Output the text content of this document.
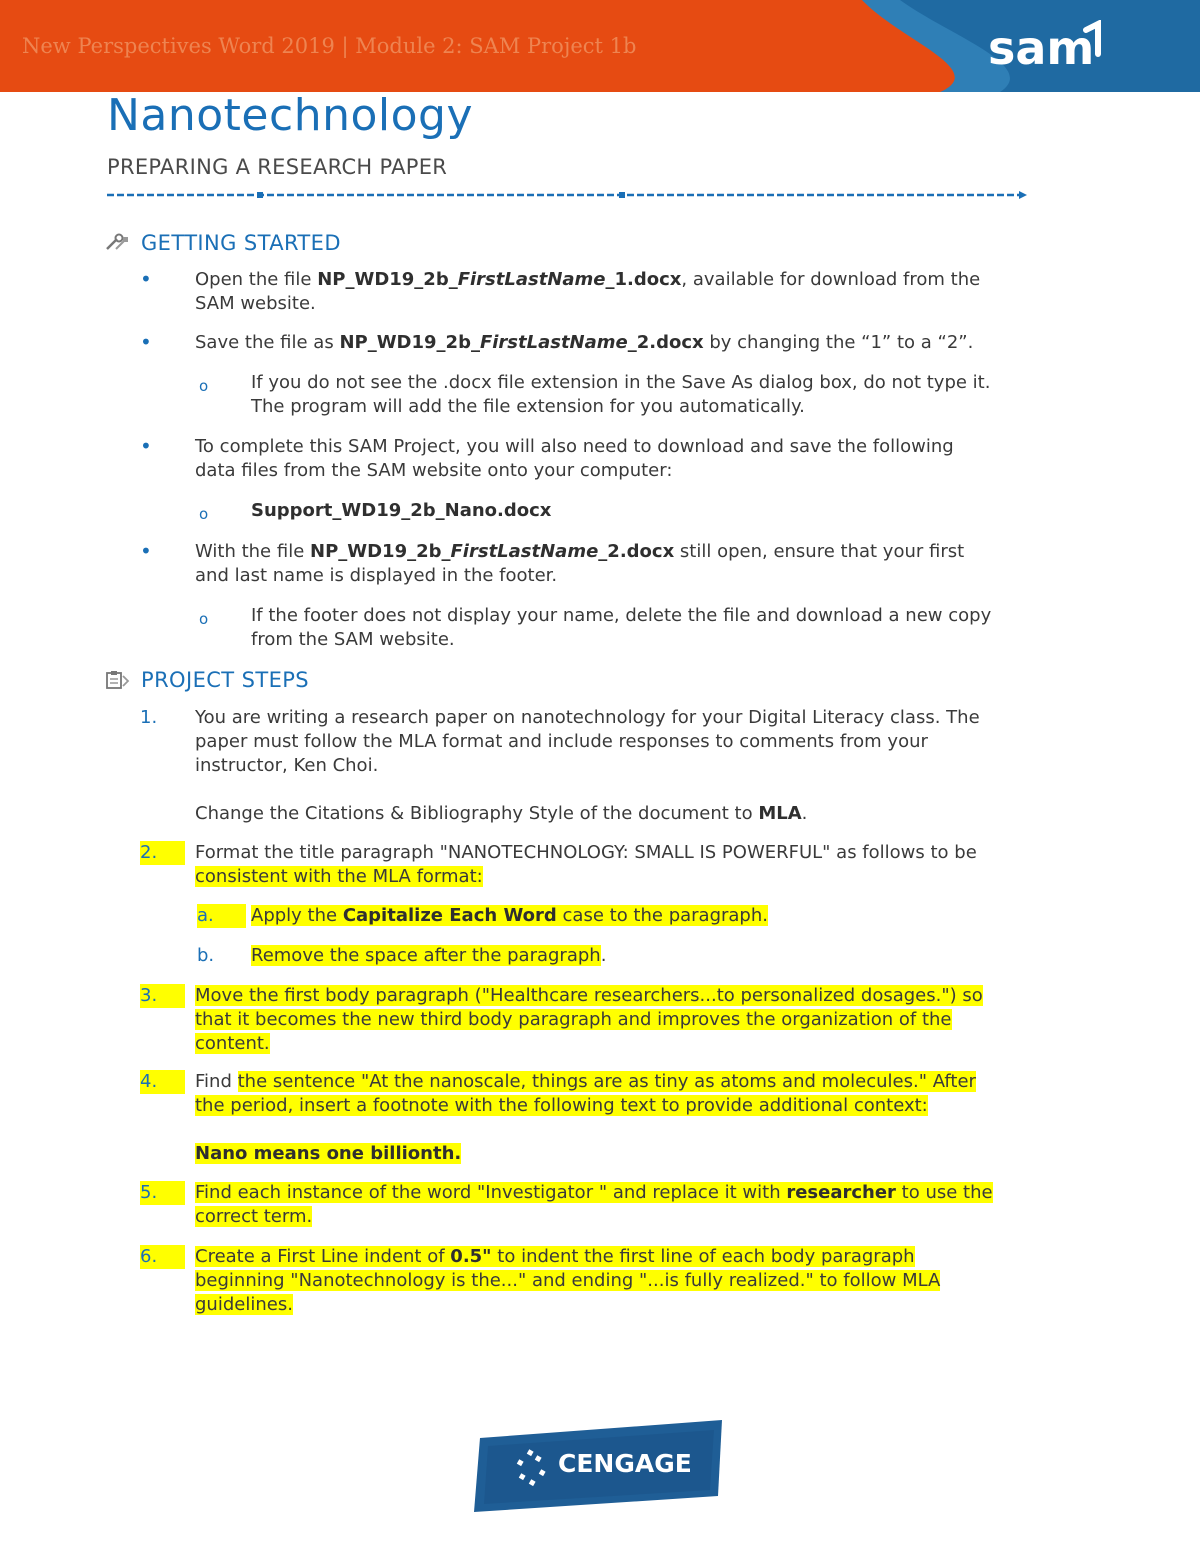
New Perspectives Word 2019 | Module 2: SAM Project 1b	sam
Nanotechnology
PREPARING A RESEARCH PAPER
GETTING STARTED
• Open the file NP_WD19_2b_FirstLastName_1.docx, available for download from the
SAM website.
• Save the file as NP_WD19_2b_FirstLastName_2.docx by changing the “1” to a “2”.
o If you do not see the .docx file extension in the Save As dialog box, do not type it.
The program will add the file extension for you automatically.
• To complete this SAM Project, you will also need to download and save the following
data files from the SAM website onto your computer:
o Support_WD19_2b_Nano.docx
• With the file NP_WD19_2b_FirstLastName_2.docx still open, ensure that your first
and last name is displayed in the footer.
o If the footer does not display your name, delete the file and download a new copy
from the SAM website.
PROJECT STEPS
1. You are writing a research paper on nanotechnology for your Digital Literacy class. The
paper must follow the MLA format and include responses to comments from your
instructor, Ken Choi.
Change the Citations & Bibliography Style of the document to MLA.
2.	Format the title paragraph "NANOTECHNOLOGY: SMALL IS POWERFUL" as follows to be
consistent with the MLA format:
a.	Apply the Capitalize Each Word case to the paragraph.
b. Remove the space after the paragraph.
3.	Move the first body paragraph ("Healthcare researchers...to personalized dosages.") so
that it becomes the new third body paragraph and improves the organization of the
content.
4.	Find the sentence "At the nanoscale, things are as tiny as atoms and molecules." After
the period, insert a footnote with the following text to provide additional context:
Nano means one billionth.
5.	Find each instance of the word "Investigator " and replace it with researcher to use the
correct term.
6.	Create a First Line indent of 0.5" to indent the first line of each body paragraph
beginning "Nanotechnology is the..." and ending "...is fully realized." to follow MLA
guidelines.
CENGAGE
